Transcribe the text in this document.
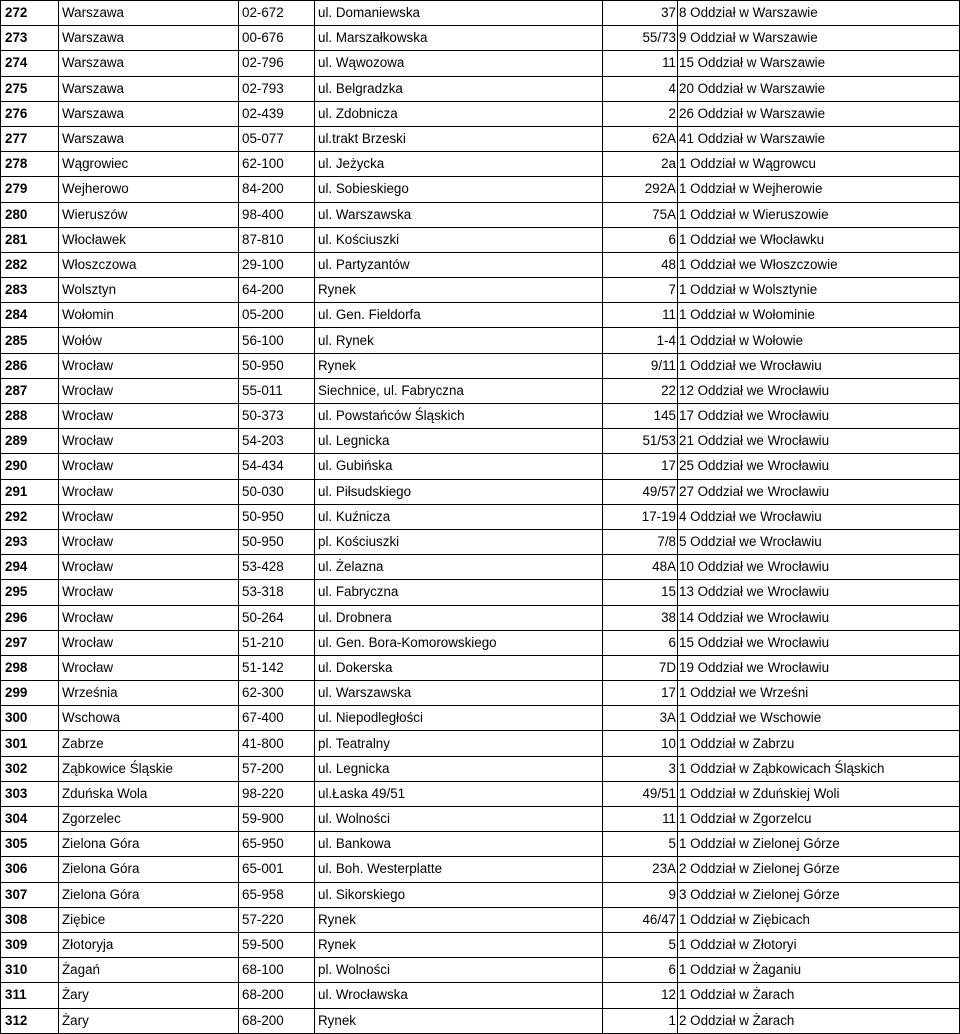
272	Warszawa	02-672	ul. Domaniewska	37	8 Oddział w Warszawie
273	Warszawa	00-676	ul. Marszałkowska	55/73	9 Oddział w Warszawie
274	Warszawa	02-796	ul. Wąwozowa	11	15 Oddział w Warszawie
275	Warszawa	02-793	ul. Belgradzka	4	20 Oddział w Warszawie
276	Warszawa	02-439	ul. Zdobnicza	2	26 Oddział w Warszawie
277	Warszawa	05-077	ul.trakt Brzeski	62A	41 Oddział w Warszawie
278	Wągrowiec	62-100	ul. Jeżycka	2a	1 Oddział w Wągrowcu
279	Wejherowo	84-200	ul. Sobieskiego	292A	1 Oddział w Wejherowie
280	Wieruszów	98-400	ul. Warszawska	75A	1 Oddział w Wieruszowie
281	Włocławek	87-810	ul. Kościuszki	6	1 Oddział we Włocławku
282	Włoszczowa	29-100	ul. Partyzantów	48	1 Oddział we Włoszczowie
283	Wolsztyn	64-200	Rynek	7	1 Oddział w Wolsztynie
284	Wołomin	05-200	ul. Gen. Fieldorfa	11	1 Oddział w Wołominie
285	Wołów	56-100	ul. Rynek	1-4	1 Oddział w Wołowie
286	Wrocław	50-950	Rynek	9/11	1 Oddział we Wrocławiu
287	Wrocław	55-011	Siechnice, ul. Fabryczna	22	12 Oddział we Wrocławiu
288	Wrocław	50-373	ul. Powstańców Śląskich	145	17 Oddział we Wrocławiu
289	Wrocław	54-203	ul. Legnicka	51/53	21 Oddział we Wrocławiu
290	Wrocław	54-434	ul. Gubińska	17	25 Oddział we Wrocławiu
291	Wrocław	50-030	ul. Piłsudskiego	49/57	27 Oddział we Wrocławiu
292	Wrocław	50-950	ul. Kuźnicza	17-19	4 Oddział we Wrocławiu
293	Wrocław	50-950	pl. Kościuszki	7/8	5 Oddział we Wrocławiu
294	Wrocław	53-428	ul. Żelazna	48A	10 Oddział we Wrocławiu
295	Wrocław	53-318	ul. Fabryczna	15	13 Oddział we Wrocławiu
296	Wrocław	50-264	ul. Drobnera	38	14 Oddział we Wrocławiu
297	Wrocław	51-210	ul. Gen. Bora-Komorowskiego	6	15 Oddział we Wrocławiu
298	Wrocław	51-142	ul. Dokerska	7D	19 Oddział we Wrocławiu
299	Września	62-300	ul. Warszawska	17	1 Oddział we Wrześni
300	Wschowa	67-400	ul. Niepodległości	3A	1 Oddział we Wschowie
301	Zabrze	41-800	pl. Teatralny	10	1 Oddział w Zabrzu
302	Ząbkowice Śląskie	57-200	ul. Legnicka	3	1 Oddział w Ząbkowicach Śląskich
303	Zduńska Wola	98-220	ul.Łaska 49/51	49/51	1 Oddział w Zduńskiej Woli
304	Zgorzelec	59-900	ul. Wolności	11	1 Oddział w Zgorzelcu
305	Zielona Góra	65-950	ul. Bankowa	5	1 Oddział w Zielonej Górze
306	Zielona Góra	65-001	ul. Boh. Westerplatte	23A	2 Oddział w Zielonej Górze
307	Zielona Góra	65-958	ul. Sikorskiego	9	3 Oddział w Zielonej Górze
308	Ziębice	57-220	Rynek	46/47	1 Oddział w Ziębicach
309	Złotoryja	59-500	Rynek	5	1 Oddział w Złotoryi
310	Żagań	68-100	pl. Wolności	6	1 Oddział w Żaganiu
311	Żary	68-200	ul. Wrocławska	12	1 Oddział w Żarach
312	Żary	68-200	Rynek	1	2 Oddział w Żarach
